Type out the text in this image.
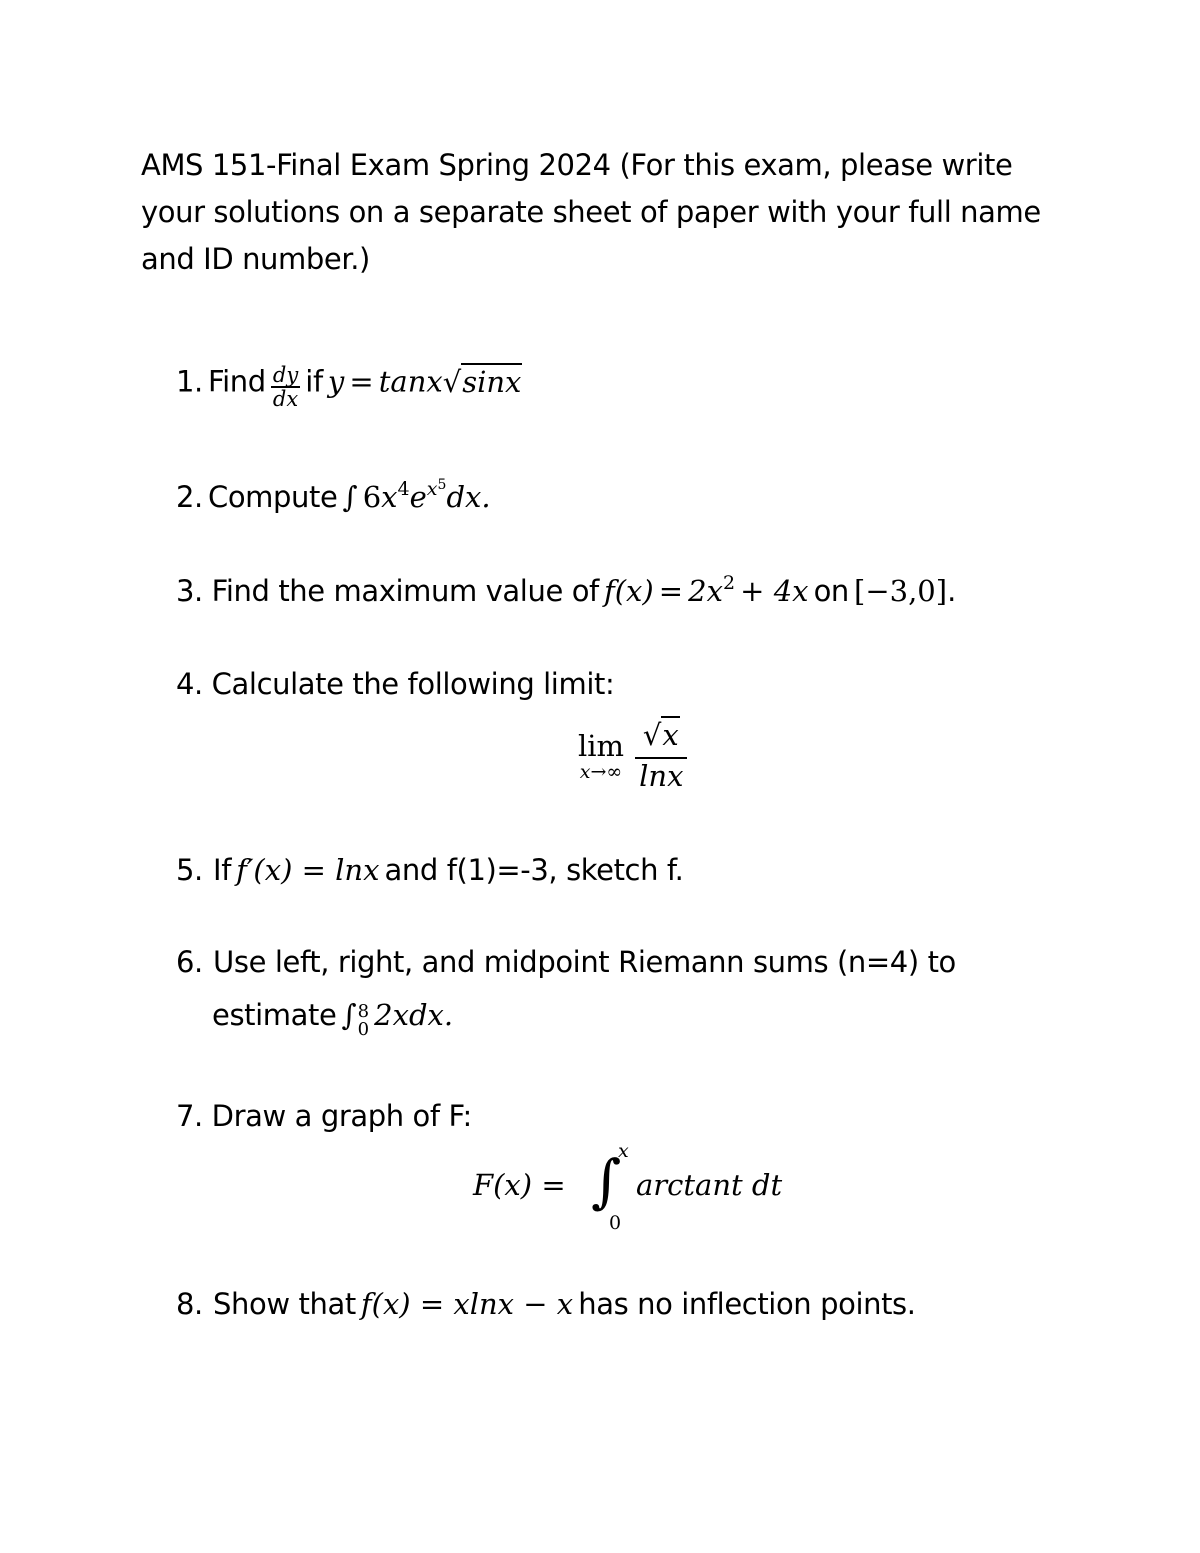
AMS 151-Final Exam Spring 2024 (For this exam, please write
your solutions on a separate sheet of paper with your full name
and ID number.)
1. Find $\frac{dy}{dx}$ if y = tanx√sinx
2. Compute ∫ $6x^4e^{x^5}dx$.
3. Find the maximum value of $f(x) = 2x^2 + 4x$ on [−3,0].
4. Calculate the following limit:
lim
x→∞

√x
lnx
5. If f′(x) = lnx and f(1)=-3, sketch f.
6. Use left, right, and midpoint Riemann sums (n=4) to
estimate ∫ 8
0 2xdx.
7. Draw a graph of F:
F(x) = ∫
x
0
arctant dt
8. Show that f(x) = xlnx − x has no inflection points.
